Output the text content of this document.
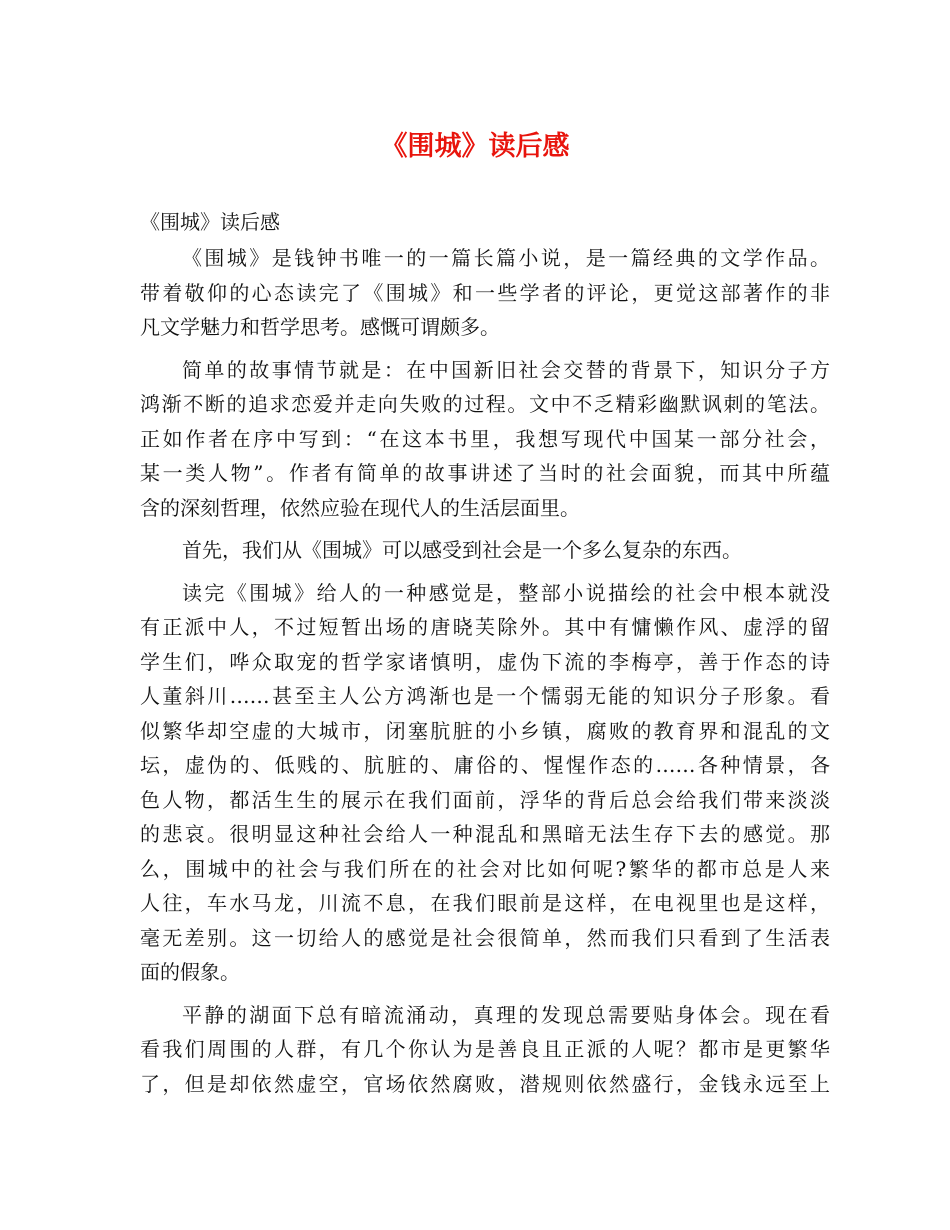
《围城》读后感
《围城》读后感
《围城》是钱钟书唯一的一篇长篇小说，是一篇经典的文学作品。
带着敬仰的心态读完了《围城》和一些学者的评论，更觉这部著作的非
凡文学魅力和哲学思考。感慨可谓颇多。
简单的故事情节就是：在中国新旧社会交替的背景下，知识分子方
鸿渐不断的追求恋爱并走向失败的过程。文中不乏精彩幽默讽刺的笔法。
正如作者在序中写到：“在这本书里，我想写现代中国某一部分社会，
某一类人物”。作者有简单的故事讲述了当时的社会面貌，而其中所蕴
含的深刻哲理，依然应验在现代人的生活层面里。
首先，我们从《围城》可以感受到社会是一个多么复杂的东西。
读完《围城》给人的一种感觉是，整部小说描绘的社会中根本就没
有正派中人，不过短暂出场的唐晓芙除外。其中有慵懒作风、虚浮的留
学生们，哗众取宠的哲学家诸慎明，虚伪下流的李梅亭，善于作态的诗
人董斜川……甚至主人公方鸿渐也是一个懦弱无能的知识分子形象。看
似繁华却空虚的大城市，闭塞肮脏的小乡镇，腐败的教育界和混乱的文
坛，虚伪的、低贱的、肮脏的、庸俗的、惺惺作态的……各种情景，各
色人物，都活生生的展示在我们面前，浮华的背后总会给我们带来淡淡
的悲哀。很明显这种社会给人一种混乱和黑暗无法生存下去的感觉。那
么，围城中的社会与我们所在的社会对比如何呢?繁华的都市总是人来
人往，车水马龙，川流不息，在我们眼前是这样，在电视里也是这样，
毫无差别。这一切给人的感觉是社会很简单，然而我们只看到了生活表
面的假象。
平静的湖面下总有暗流涌动，真理的发现总需要贴身体会。现在看
看我们周围的人群，有几个你认为是善良且正派的人呢？都市是更繁华
了，但是却依然虚空，官场依然腐败，潜规则依然盛行，金钱永远至上
